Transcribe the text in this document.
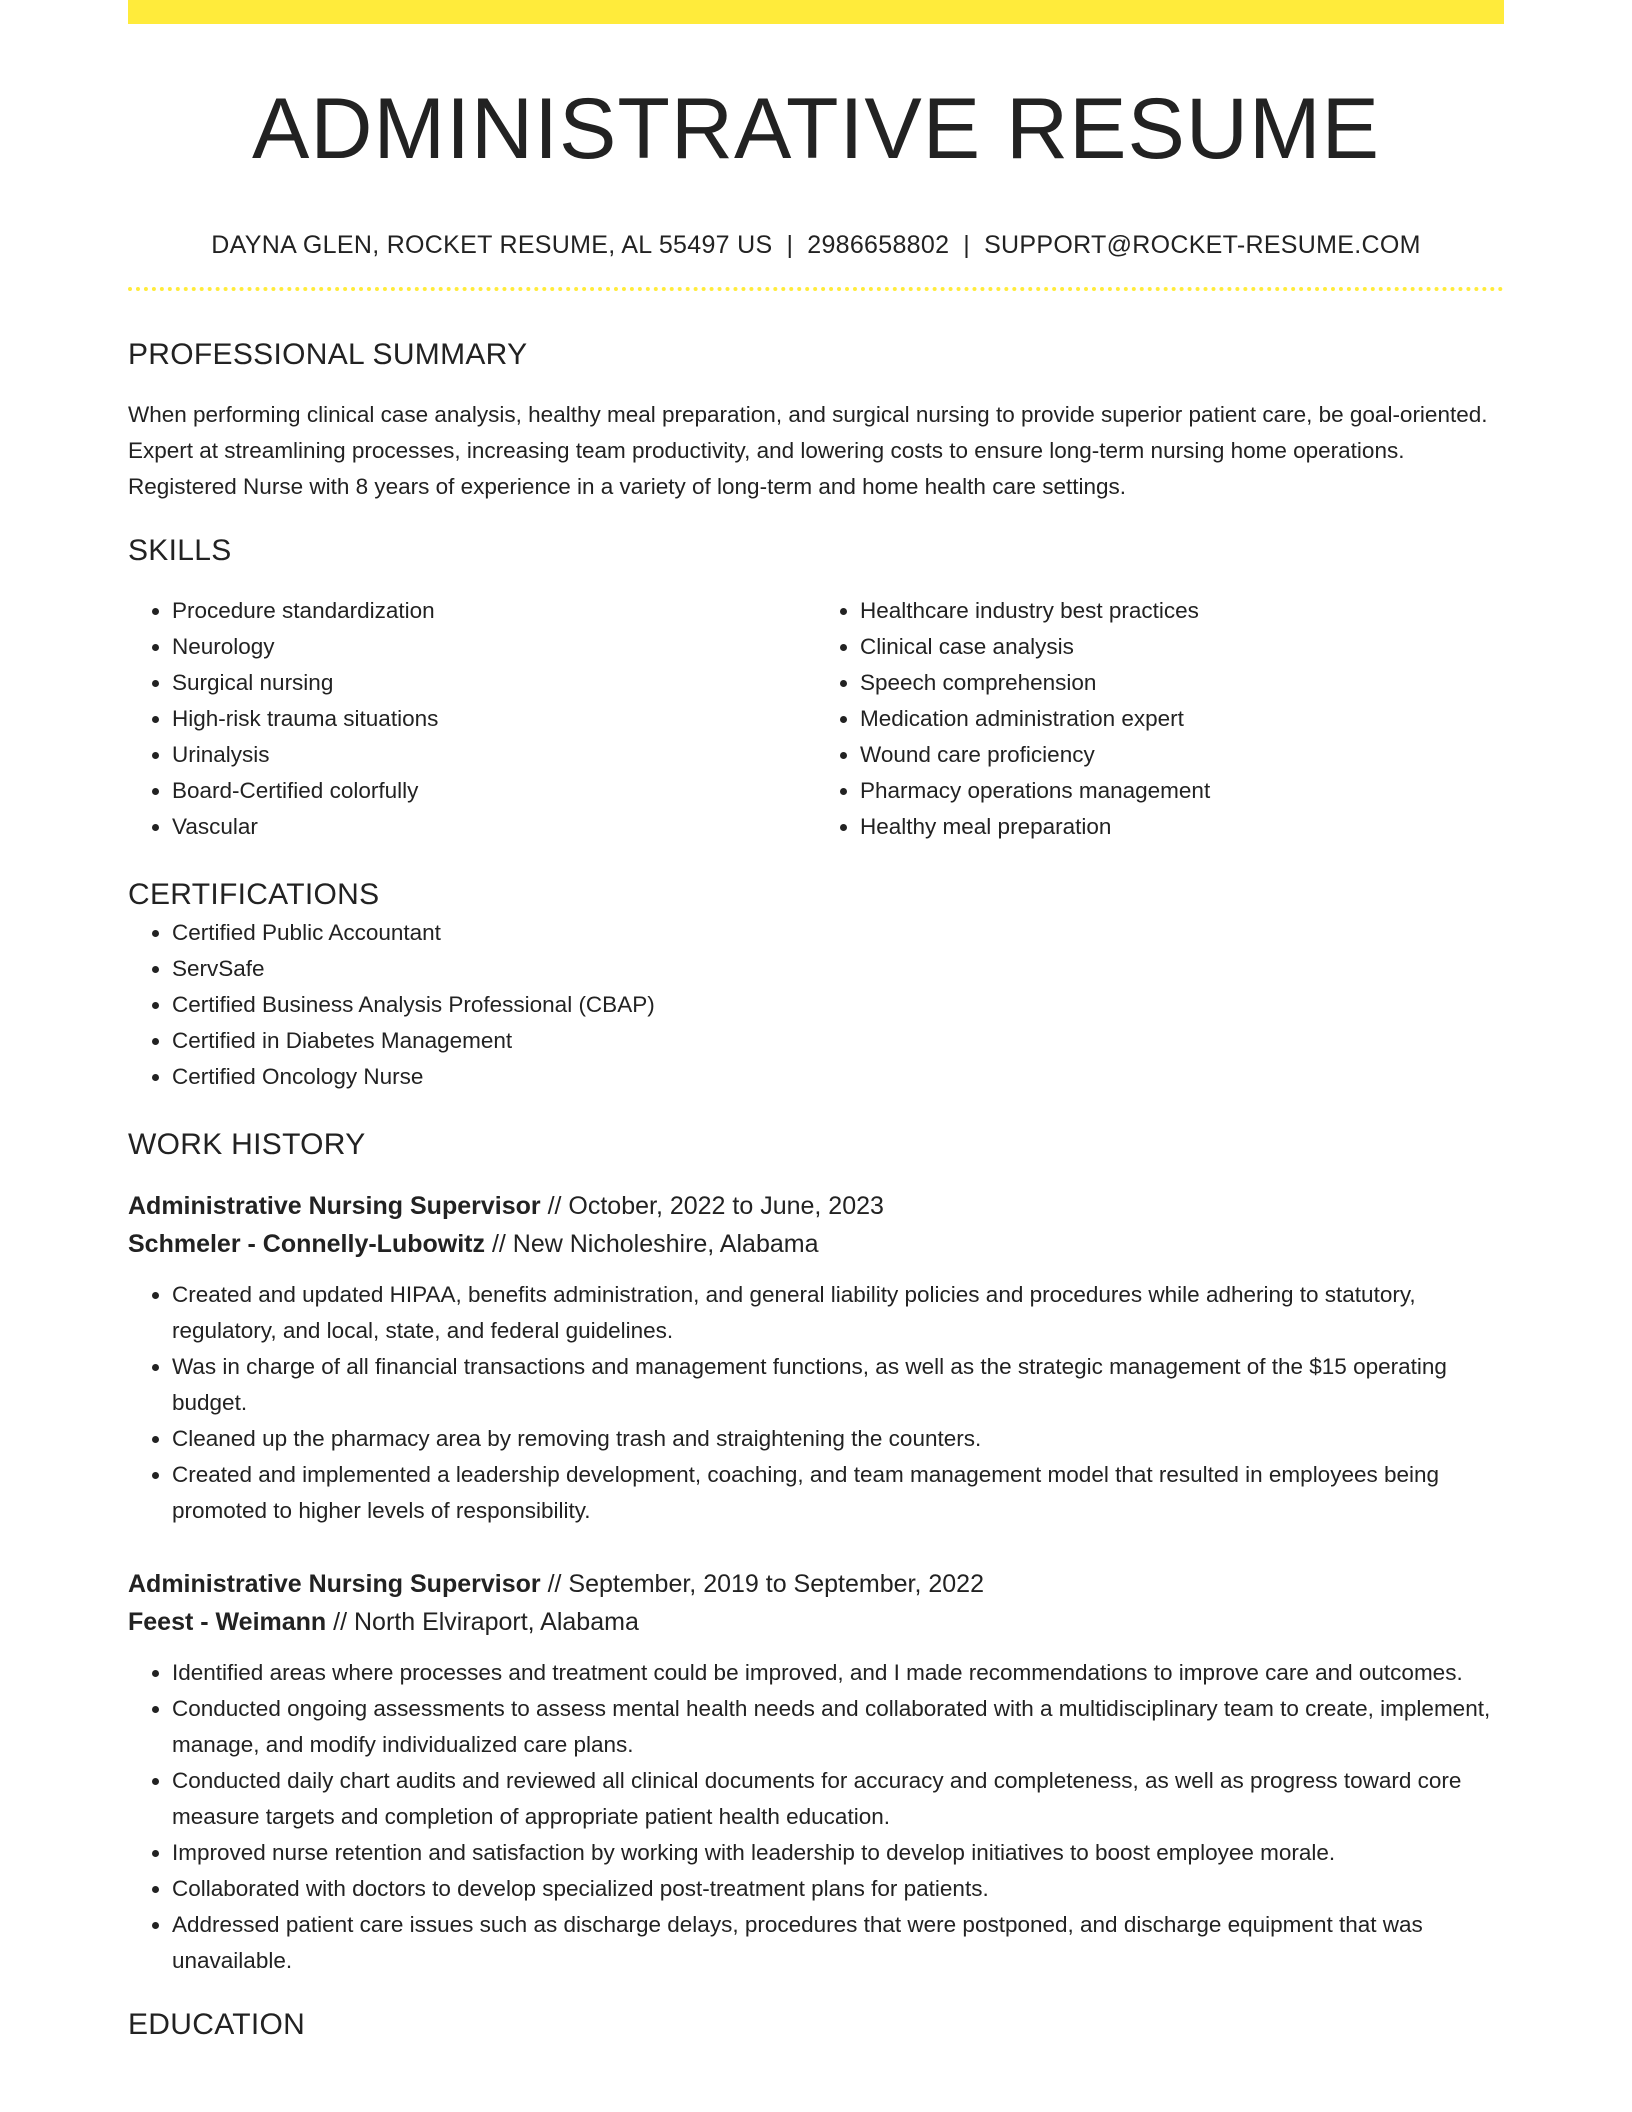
ADMINISTRATIVE RESUME
DAYNA GLEN, ROCKET RESUME, AL 55497 US | 2986658802 | SUPPORT@ROCKET-RESUME.COM
PROFESSIONAL SUMMARY

When performing clinical case analysis, healthy meal preparation, and surgical nursing to provide superior patient care, be goal-oriented. Expert at streamlining processes, increasing team productivity, and lowering costs to ensure long-term nursing home operations. Registered Nurse with 8 years of experience in a variety of long-term and home health care settings.

SKILLS
• Procedure standardization
• Neurology
• Surgical nursing
• High-risk trauma situations
• Urinalysis
• Board-Certified colorfully
• Vascular
• Healthcare industry best practices
• Clinical case analysis
• Speech comprehension
• Medication administration expert
• Wound care proficiency
• Pharmacy operations management
• Healthy meal preparation
CERTIFICATIONS
• Certified Public Accountant
• ServSafe
• Certified Business Analysis Professional (CBAP)
• Certified in Diabetes Management
• Certified Oncology Nurse
WORK HISTORY
Administrative Nursing Supervisor // October, 2022 to June, 2023
Schmeler - Connelly-Lubowitz // New Nicholeshire, Alabama
• Created and updated HIPAA, benefits administration, and general liability policies and procedures while adhering to statutory, regulatory, and local, state, and federal guidelines.
• Was in charge of all financial transactions and management functions, as well as the strategic management of the $15 operating budget.
• Cleaned up the pharmacy area by removing trash and straightening the counters.
• Created and implemented a leadership development, coaching, and team management model that resulted in employees being promoted to higher levels of responsibility.
Administrative Nursing Supervisor // September, 2019 to September, 2022
Feest - Weimann // North Elviraport, Alabama
• Identified areas where processes and treatment could be improved, and I made recommendations to improve care and outcomes.
• Conducted ongoing assessments to assess mental health needs and collaborated with a multidisciplinary team to create, implement, manage, and modify individualized care plans.
• Conducted daily chart audits and reviewed all clinical documents for accuracy and completeness, as well as progress toward core measure targets and completion of appropriate patient health education.
• Improved nurse retention and satisfaction by working with leadership to develop initiatives to boost employee morale.
• Collaborated with doctors to develop specialized post-treatment plans for patients.
• Addressed patient care issues such as discharge delays, procedures that were postponed, and discharge equipment that was unavailable.
EDUCATION
